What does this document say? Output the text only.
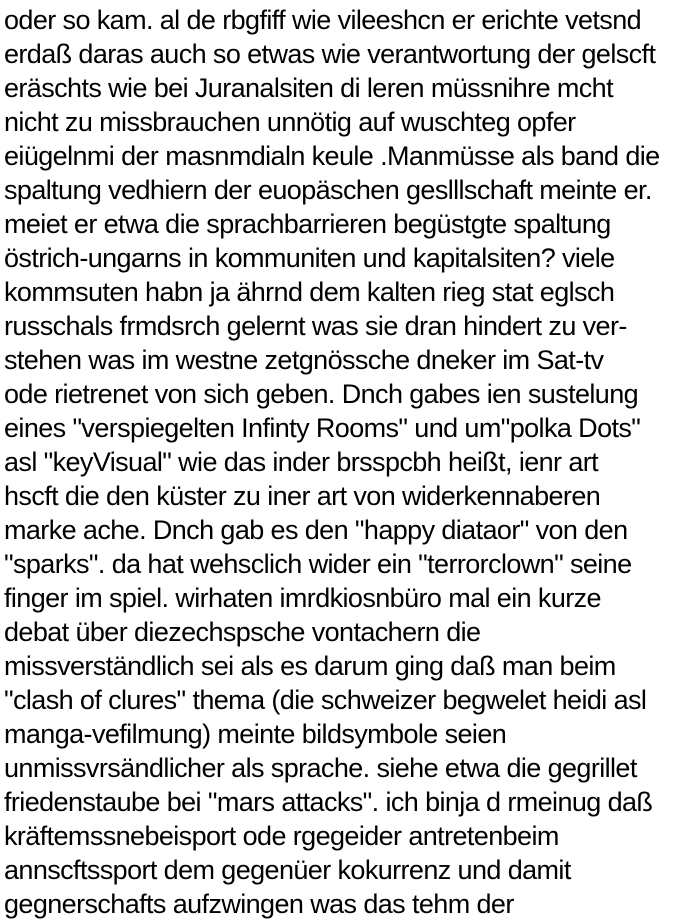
oder so kam. al de rbgfiff wie vileeshcn er erichte vetsnd
erdaß daras auch so etwas wie verantwortung der gelscft
eräschts wie bei Juranalsiten di leren müssnihre mcht
nicht zu missbrauchen unnötig auf wuschteg opfer
eiügelnmi der masnmdialn keule .Manmüsse als band die
spaltung vedhiern der euopäschen geslllschaft meinte er.
meiet er etwa die sprachbarrieren begüstgte spaltung
östrich-ungarns in kommuniten und kapitalsiten? viele
kommsuten habn ja ährnd dem kalten rieg stat eglsch
russchals frmdsrch gelernt was sie dran hindert zu ver-
stehen was im westne zetgnössche dneker im Sat-tv
ode rietrenet von sich geben. Dnch gabes ien sustelung
eines "verspiegelten Infinty Rooms" und um"polka Dots"
asl "keyVisual" wie das inder brsspcbh heißt, ienr art
hscft die den küster zu iner art von widerkennaberen
marke ache. Dnch gab es den "happy diataor" von den
"sparks". da hat wehsclich wider ein "terrorclown" seine
finger im spiel. wirhaten imrdkiosnbüro mal ein kurze
debat über diezechspsche vontachern die
missverständlich sei als es darum ging daß man beim
"clash of clures" thema (die schweizer begwelet heidi asl
manga-vefilmung) meinte bildsymbole seien
unmissvrsändlicher als sprache. siehe etwa die gegrillet
friedenstaube bei "mars attacks". ich binja d rmeinug daß
kräftemssnebeisport ode rgegeider antretenbeim
annscftssport dem gegenüer kokurrenz und damit
gegnerschafts aufzwingen was das tehm der
